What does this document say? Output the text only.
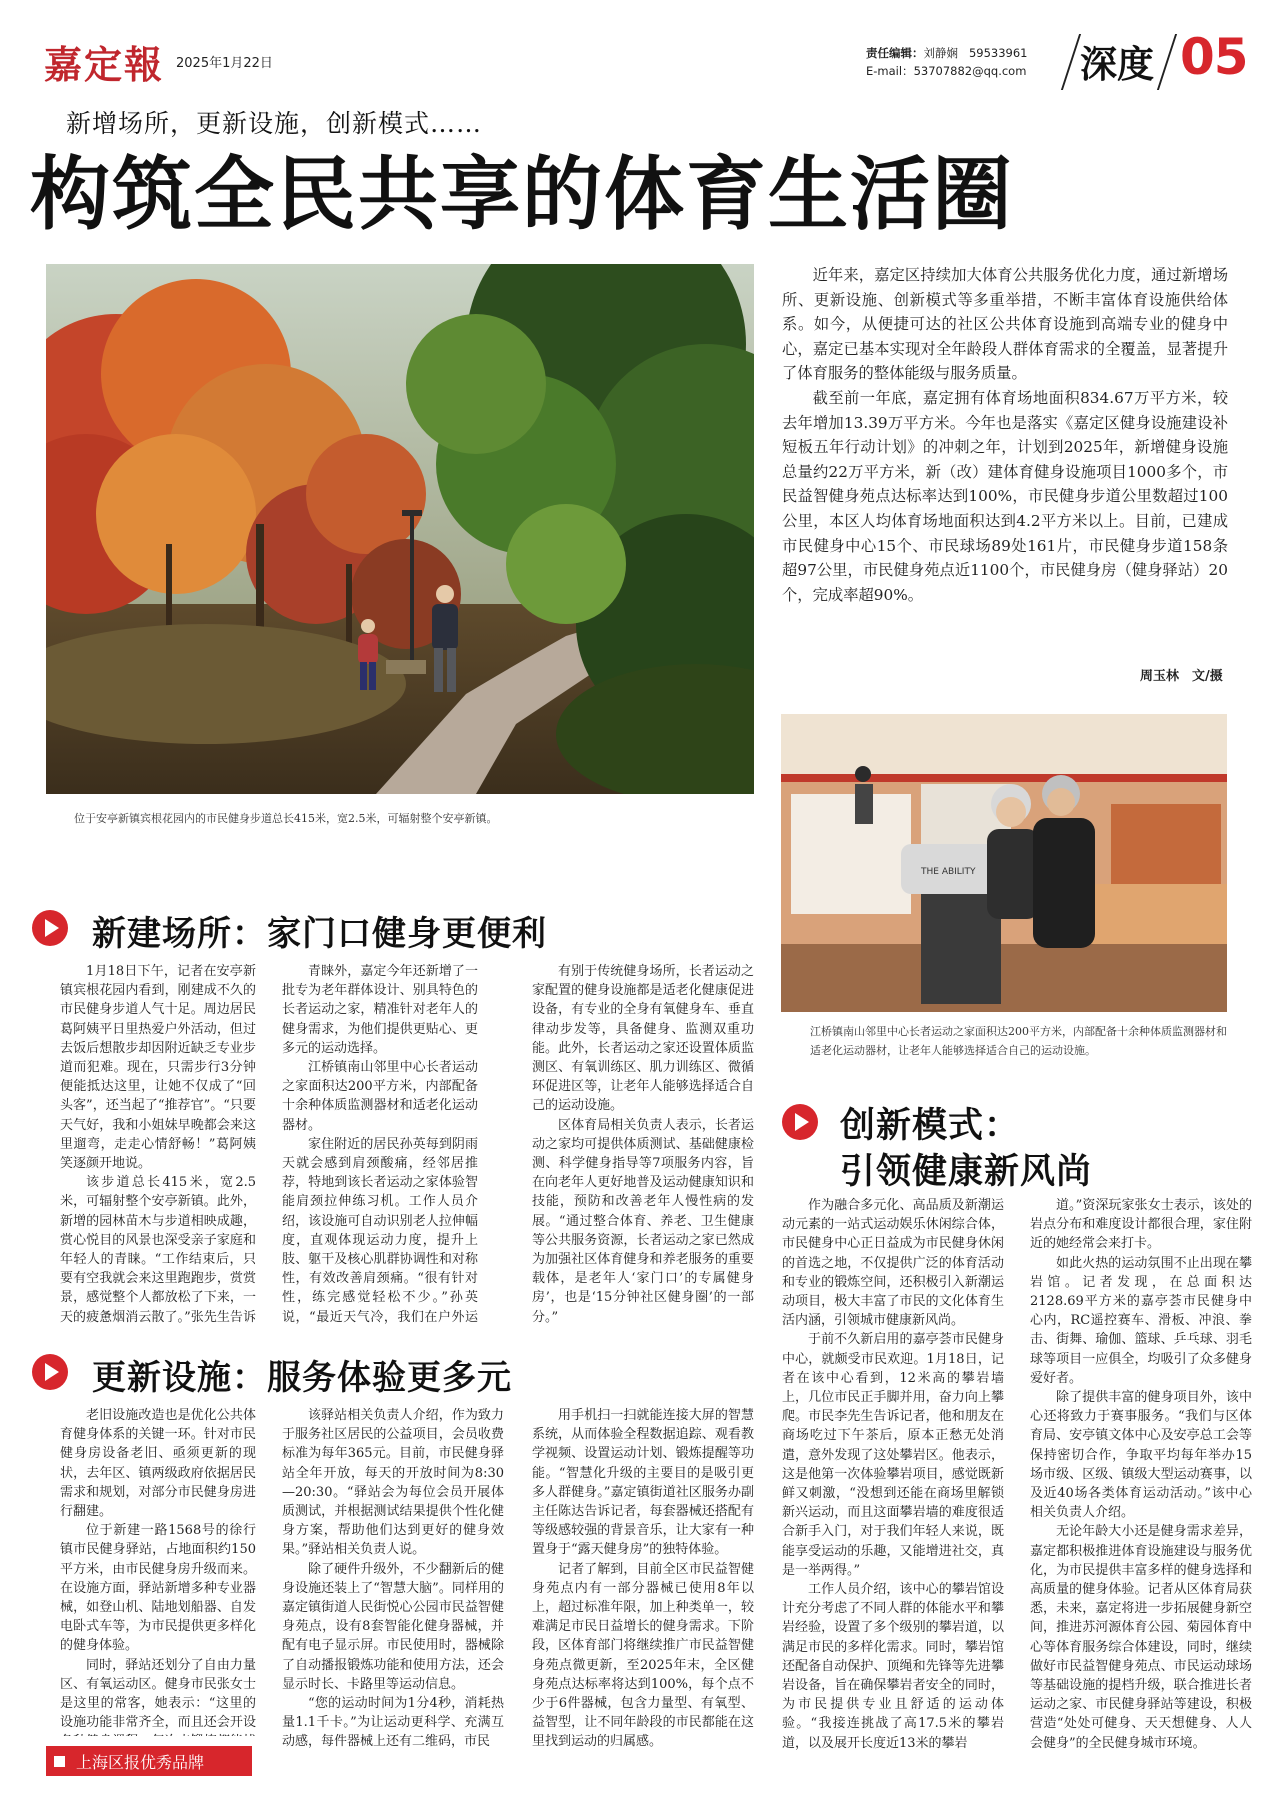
嘉定報 2025年1月22日
责任编辑：刘静娴 59533961
E-mail：53707882@qq.com 深度 05
新增场所，更新设施，创新模式……
构筑全民共享的体育生活圈
位于安亭新镇宾根花园内的市民健身步道总长415米，宽2.5米，可辐射整个安亭新镇。

近年来，嘉定区持续加大体育公共服务优化力度，通过新增场所、更新设施、创新模式等多重举措，不断丰富体育设施供给体系。如今，从便捷可达的社区公共体育设施到高端专业的健身中心，嘉定已基本实现对全年龄段人群体育需求的全覆盖，显著提升了体育服务的整体能级与服务质量。

截至前一年底，嘉定拥有体育场地面积834.67万平方米，较去年增加13.39万平方米。今年也是落实《嘉定区健身设施建设补短板五年行动计划》的冲刺之年，计划到2025年，新增健身设施总量约22万平方米，新（改）建体育健身设施项目1000多个，市民益智健身苑点达标率达到100%，市民健身步道公里数超过100公里，本区人均体育场地面积达到4.2平方米以上。目前，已建成市民健身中心15个、市民球场89处161片，市民健身步道158条超97公里，市民健身苑点近1100个，市民健身房（健身驿站）20个，完成率超90%。

周玉林　文/摄
THE ABILITY
江桥镇南山邻里中心长者运动之家面积达200平方米，内部配备十余种体质监测器材和适老化运动器材，让老年人能够选择适合自己的运动设施。
新建场所：家门口健身更便利

1月18日下午，记者在安亭新镇宾根花园内看到，刚建成不久的市民健身步道人气十足。周边居民葛阿姨平日里热爱户外活动，但过去饭后想散步却因附近缺乏专业步道而犯难。现在，只需步行3分钟便能抵达这里，让她不仅成了“回头客”，还当起了“推荐官”。“只要天气好，我和小姐妹早晚都会来这里遛弯，走走心情舒畅！”葛阿姨笑逐颜开地说。

该步道总长415米，宽2.5米，可辐射整个安亭新镇。此外，新增的园林苗木与步道相映成趣，赏心悦目的风景也深受亲子家庭和年轻人的青睐。“工作结束后，只要有空我就会来这里跑跑步，赏赏景，感觉整个人都放松了下来，一天的疲惫烟消云散了。”张先生告诉

青睐外，嘉定今年还新增了一批专为老年群体设计、别具特色的长者运动之家，精准针对老年人的健身需求，为他们提供更贴心、更多元的运动选择。

江桥镇南山邻里中心长者运动之家面积达200平方米，内部配备十余种体质监测器材和适老化运动器材。

家住附近的居民孙英每到阴雨天就会感到肩颈酸痛，经邻居推荐，特地到该长者运动之家体验智能肩颈拉伸练习机。工作人员介绍，该设施可自动识别老人拉伸幅度，直观体现运动力度，提升上肢、躯干及核心肌群协调性和对称性，有效改善肩颈痛。“很有针对性，练完感觉轻松不少。”孙英说，“最近天气冷，我们在户外运

有别于传统健身场所，长者运动之家配置的健身设施都是适老化健康促进设备，有专业的全身有氧健身车、垂直律动步发等，具备健身、监测双重功能。此外，长者运动之家还设置体质监测区、有氧训练区、肌力训练区、微循环促进区等，让老年人能够选择适合自己的运动设施。

区体育局相关负责人表示，长者运动之家均可提供体质测试、基础健康检测、科学健身指导等7项服务内容，旨在向老年人更好地普及运动健康知识和技能，预防和改善老年人慢性病的发展。“通过整合体育、养老、卫生健康等公共服务资源，长者运动之家已然成为加强社区体育健身和养老服务的重要载体，是老年人‘家门口’的专属健身房’，也是‘15分钟社区健身圈’的一部分。”

更新设施：服务体验更多元

老旧设施改造也是优化公共体育健身体系的关键一环。针对市民健身房设备老旧、亟须更新的现状，去年区、镇两级政府依据居民需求和规划，对部分市民健身房进行翻建。

位于新建一路1568号的徐行镇市民健身驿站，占地面积约150平方米，由市民健身房升级而来。在设施方面，驿站新增多种专业器械，如登山机、陆地划船器、自发电卧式车等，为市民提供更多样化的健身体验。

同时，驿站还划分了自由力量区、有氧运动区。健身市民张女士是这里的常客，她表示：“这里的设施功能非常齐全，而且还会开设

该驿站相关负责人介绍，作为致力于服务社区居民的公益项目，会员收费标准为每年365元。目前，市民健身驿站全年开放，每天的开放时间为8:30—20:30。“驿站会为每位会员开展体质测试，并根据测试结果提供个性化健身方案，帮助他们达到更好的健身效果。”驿站相关负责人说。

除了硬件升级外，不少翻新后的健身设施还装上了“智慧大脑”。同样用的嘉定镇街道人民街悦心公园市民益智健身苑点，设有8套智能化健身器械，并配有电子显示屏。市民使用时，器械除了自动播报锻炼功能和使用方法，还会显示时长、卡路里等运动信息。

“您的运动时间为1分4秒，消耗热量1.1千卡。”为让运动更科学、充满互动感，每件器械上还有二维码，市民

用手机扫一扫就能连接大屏的智慧系统，从而体验全程数据追踪、观看教学视频、设置运动计划、锻炼提醒等功能。“智慧化升级的主要目的是吸引更多人群健身。”嘉定镇街道社区服务办副主任陈达告诉记者，每套器械还搭配有等级感较强的背景音乐，让大家有一种置身于“露天健身房”的独特体验。

记者了解到，目前全区市民益智健身苑点内有一部分器械已使用8年以上，超过标准年限，加上种类单一，较难满足市民日益增长的健身需求。下阶段，区体育部门将继续推广市民益智健身苑点微更新，至2025年末，全区健身苑点达标率将达到100%，每个点不少于6件器械，包含力量型、有氧型、益智型，让不同年龄段的市民都能在这里找到运动的归属感。

创新模式：
引领健康新风尚

作为融合多元化、高品质及新潮运动元素的一站式运动娱乐休闲综合体，市民健身中心正日益成为市民健身休闲的首选之地，不仅提供广泛的体育活动和专业的锻炼空间，还积极引入新潮运动项目，极大丰富了市民的文化体育生活内涵，引领城市健康新风尚。

于前不久新启用的嘉亭荟市民健身中心，就颇受市民欢迎。1月18日，记者在该中心看到，12米高的攀岩墙上，几位市民正手脚并用，奋力向上攀爬。市民李先生告诉记者，他和朋友在商场吃过下午茶后，原本正愁无处消遣，意外发现了这处攀岩区。他表示，这是他第一次体验攀岩项目，感觉既新鲜又刺激，“没想到还能在商场里解锁新兴运动，而且这面攀岩墙的难度很适合新手入门，对于我们年轻人来说，既能享受运动的乐趣，又能增进社交，真是一举两得。”

工作人员介绍，该中心的攀岩馆设计充分考虑了不同人群的体能水平和攀岩经验，设置了多个级别的攀岩道，以满足市民的多样化需求。同时，攀岩馆还配备自动保护、顶绳和先锋等先进攀岩设备，旨在确保攀岩者安全的同时，为市民提供专业且舒适的运动体验。“我接连挑战了高17.5米的攀岩道，以及展开长度近13米的攀岩

道。”资深玩家张女士表示，该处的岩点分布和难度设计都很合理，家住附近的她经常会来打卡。

如此火热的运动氛围不止出现在攀岩馆。记者发现，在总面积达2128.69平方米的嘉亭荟市民健身中心内，RC遥控赛车、滑板、冲浪、拳击、街舞、瑜伽、篮球、乒乓球、羽毛球等项目一应俱全，均吸引了众多健身爱好者。

除了提供丰富的健身项目外，该中心还将致力于赛事服务。“我们与区体育局、安亭镇文体中心及安亭总工会等保持密切合作，争取平均每年举办15场市级、区级、镇级大型运动赛事，以及近40场各类体育运动活动。”该中心相关负责人介绍。

无论年龄大小还是健身需求差异，嘉定都积极推进体育设施建设与服务优化，为市民提供丰富多样的健身选择和高质量的健身体验。记者从区体育局获悉，未来，嘉定将进一步拓展健身新空间，推进苏河源体育公园、菊园体育中心等体育服务综合体建设，同时，继续做好市民益智健身苑点、市民运动球场等基础设施的提档升级，联合推进长者运动之家、市民健身驿站等建设，积极营造“处处可健身、天天想健身、人人会健身”的全民健身城市环境。

上海区报优秀品牌
